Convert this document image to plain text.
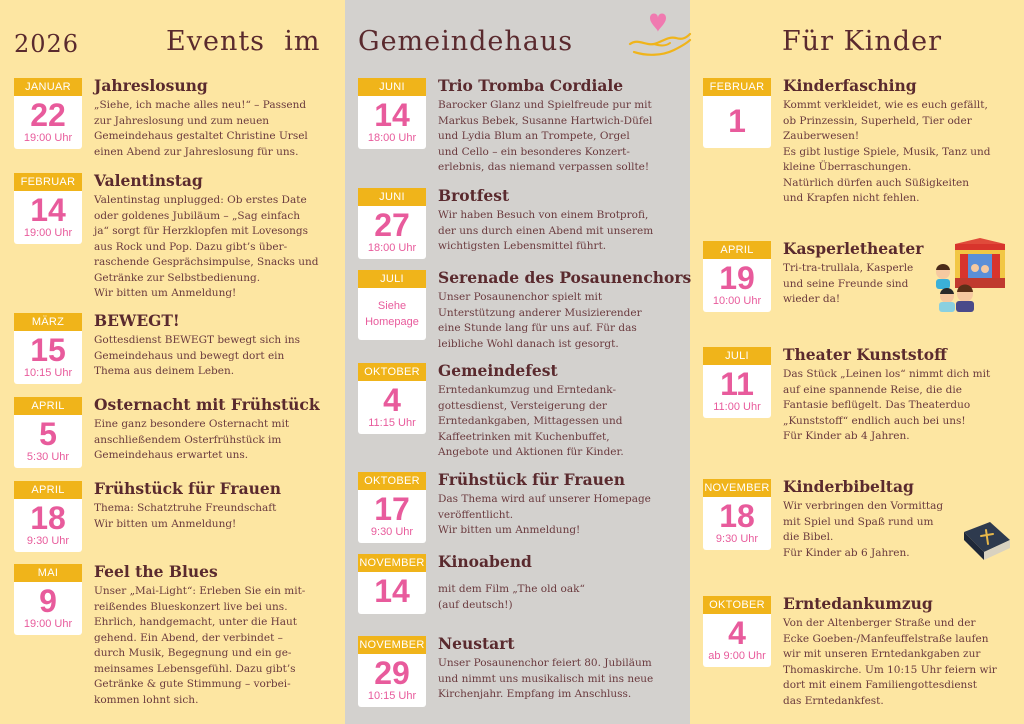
2026	Events  im Gemeindehaus	Für Kinder
JANUAR
22
19:00 Uhr
Jahreslosung
„Siehe, ich mache alles neu!“ – Passend
zur Jahreslosung und zum neuen
Gemeindehaus gestaltet Christine Ursel
einen Abend zur Jahreslosung für uns.
FEBRUAR
14
19:00 Uhr
Valentinstag
Valentinstag unplugged: Ob erstes Date
oder goldenes Jubiläum – „Sag einfach
ja“ sorgt für Herzklopfen mit Lovesongs
aus Rock und Pop. Dazu gibt’s über-
raschende Gesprächsimpulse, Snacks und
Getränke zur Selbstbedienung.
Wir bitten um Anmeldung!
MÄRZ
15
10:15 Uhr
BEWEGT!
Gottesdienst BEWEGT bewegt sich ins
Gemeindehaus und bewegt dort ein
Thema aus deinem Leben.
APRIL
5
5:30 Uhr
Osternacht mit Frühstück
Eine ganz besondere Osternacht mit
anschließendem Osterfrühstück im
Gemeindehaus erwartet uns.
APRIL
18
9:30 Uhr
Frühstück für Frauen
Thema: Schatztruhe Freundschaft
Wir bitten um Anmeldung!
MAI
9
19:00 Uhr
Feel the Blues
Unser „Mai-Light“: Erleben Sie ein mit-
reißendes Blueskonzert live bei uns.
Ehrlich, handgemacht, unter die Haut
gehend. Ein Abend, der verbindet –
durch Musik, Begegnung und ein ge-
meinsames Lebensgefühl. Dazu gibt’s
Getränke & gute Stimmung – vorbei-
kommen lohnt sich.
JUNI
14
18:00 Uhr
Trio Tromba Cordiale
Barocker Glanz und Spielfreude pur mit
Markus Bebek, Susanne Hartwich-Düfel
und Lydia Blum an Trompete, Orgel
und Cello – ein besonderes Konzert-
erlebnis, das niemand verpassen sollte!
JUNI
27
18:00 Uhr
Brotfest
Wir haben Besuch von einem Brotprofi,
der uns durch einen Abend mit unserem
wichtigsten Lebensmittel führt.
JULI
Siehe
Homepage
Serenade des Posaunenchors
Unser Posaunenchor spielt mit
Unterstützung anderer Musizierender
eine Stunde lang für uns auf. Für das
leibliche Wohl danach ist gesorgt.
OKTOBER
4
11:15 Uhr
Gemeindefest
Erntedankumzug und Erntedank-
gottesdienst, Versteigerung der
Erntedankgaben, Mittagessen und
Kaffeetrinken mit Kuchenbuffet,
Angebote und Aktionen für Kinder.
OKTOBER
17
9:30 Uhr
Frühstück für Frauen
Das Thema wird auf unserer Homepage
veröffentlicht.
Wir bitten um Anmeldung!
NOVEMBER
14
Kinoabend
mit dem Film „The old oak“
(auf deutsch!)
NOVEMBER
29
10:15 Uhr
Neustart
Unser Posaunenchor feiert 80. Jubiläum
und nimmt uns musikalisch mit ins neue
Kirchenjahr. Empfang im Anschluss.
FEBRUAR
1
Kinderfasching
Kommt verkleidet, wie es euch gefällt,
ob Prinzessin, Superheld, Tier oder
Zauberwesen!
Es gibt lustige Spiele, Musik, Tanz und
kleine Überraschungen.
Natürlich dürfen auch Süßigkeiten
und Krapfen nicht fehlen.
APRIL
19
10:00 Uhr
Kasperletheater
Tri-tra-trullala, Kasperle
und seine Freunde sind
wieder da!
JULI
11
11:00 Uhr
Theater Kunststoff
Das Stück „Leinen los“ nimmt dich mit
auf eine spannende Reise, die die
Fantasie beflügelt. Das Theaterduo
„Kunststoff“ endlich auch bei uns!
Für Kinder ab 4 Jahren.
NOVEMBER
18
9:30 Uhr
Kinderbibeltag
Wir verbringen den Vormittag
mit Spiel und Spaß rund um
die Bibel.
Für Kinder ab 6 Jahren.
OKTOBER
4
ab 9:00 Uhr
Erntedankumzug
Von der Altenberger Straße und der
Ecke Goeben-/Manfeuffelstraße laufen
wir mit unseren Erntedankgaben zur
Thomaskirche. Um 10:15 Uhr feiern wir
dort mit einem Familiengottesdienst
das Erntedankfest.
